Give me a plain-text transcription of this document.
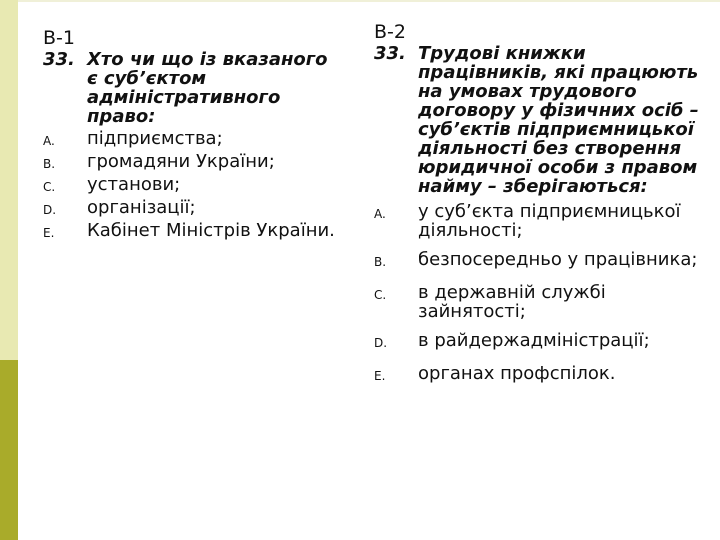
В-1
33. Хто чи що із вказаного є суб’єктом адміністративного право:
A.	підприємства;
B.	громадяни України;
C.	установи;
D.	організації;
E.	Кабінет Міністрів України.
В-2
33. Трудові книжки працівників, які працюють на умовах трудового договору у фізичних осіб – суб’єктів підприємницької діяльності без створення юридичної особи з правом найму – зберігаються:
A.	у суб’єкта підприємницької діяльності;
B.	безпосередньо у працівника;
C.	в державній службі зайнятості;
D.	в райдержадміністрації;
E.	органах профспілок.
